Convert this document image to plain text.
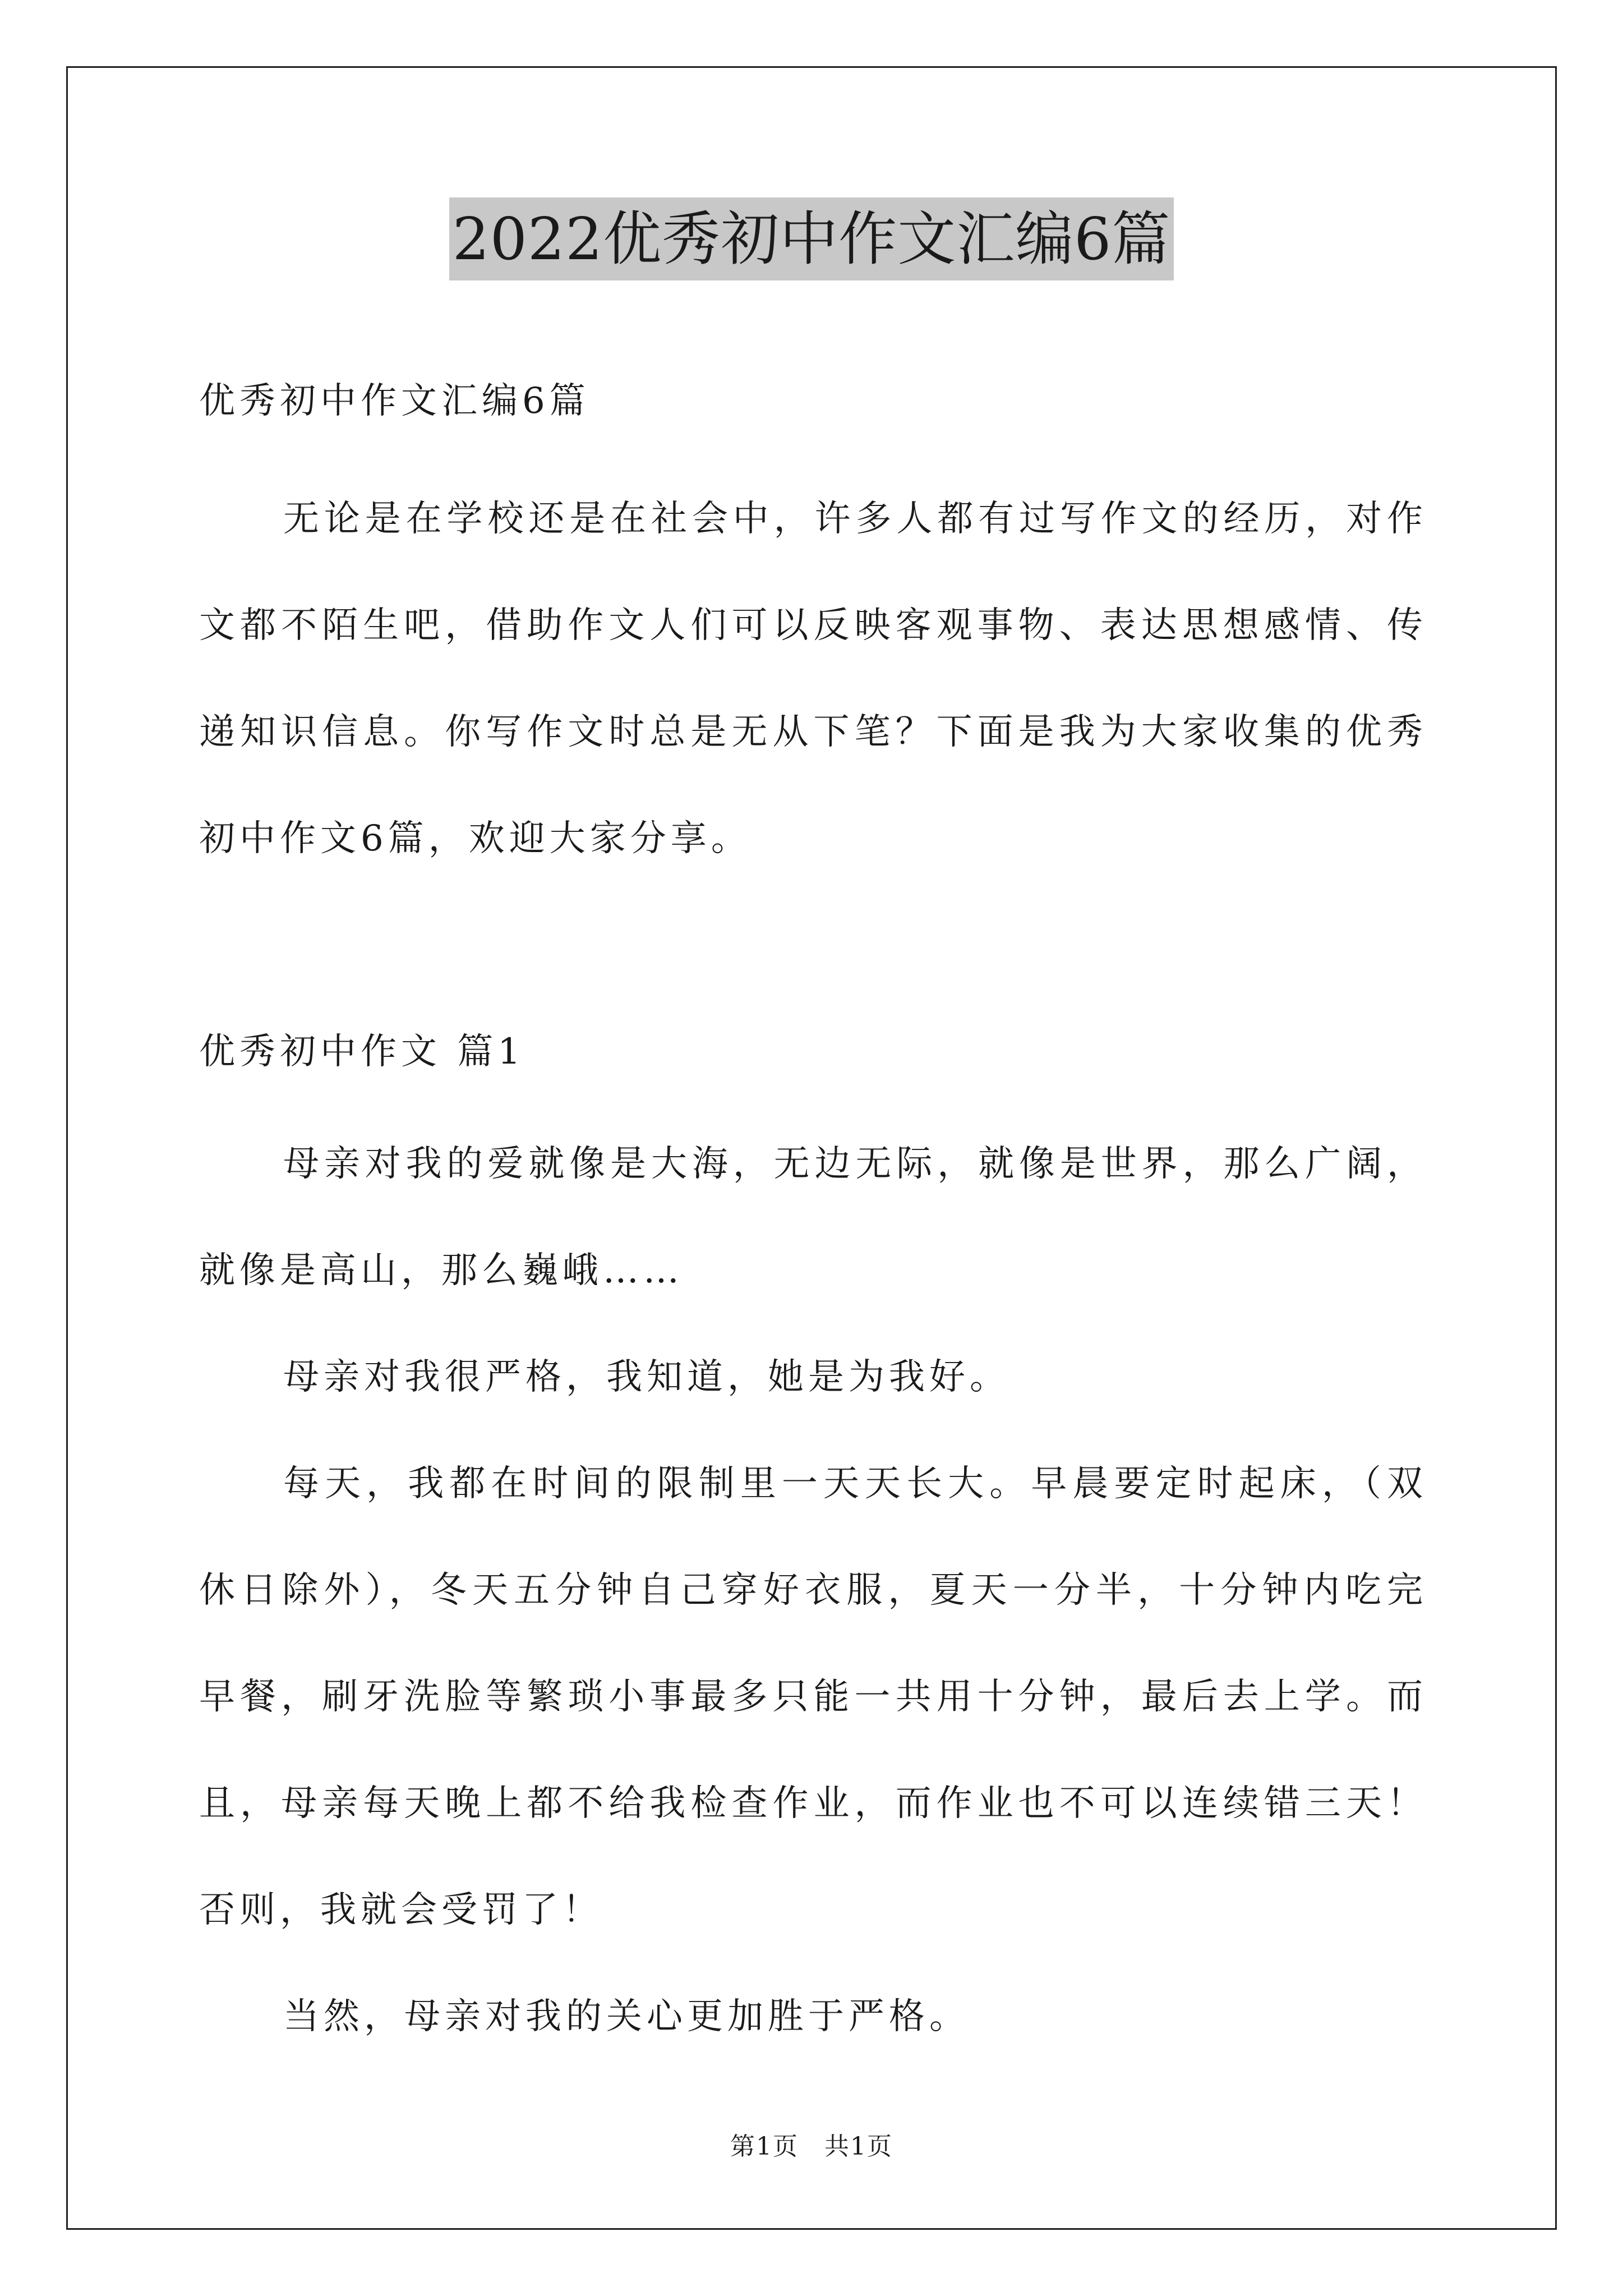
2022优秀初中作文汇编6篇

优秀初中作文汇编6篇

无论是在学校还是在社会中，许多人都有过写作文的经历，对作文都不陌生吧，借助作文人们可以反映客观事物、表达思想感情、传递知识信息。你写作文时总是无从下笔？下面是我为大家收集的优秀初中作文6篇，欢迎大家分享。

优秀初中作文 篇1

母亲对我的爱就像是大海，无边无际，就像是世界，那么广阔，就像是高山，那么巍峨……

母亲对我很严格，我知道，她是为我好。

每天，我都在时间的限制里一天天长大。早晨要定时起床，（双休日除外），冬天五分钟自己穿好衣服，夏天一分半，十分钟内吃完早餐，刷牙洗脸等繁琐小事最多只能一共用十分钟，最后去上学。而且，母亲每天晚上都不给我检查作业，而作业也不可以连续错三天！否则，我就会受罚了！

当然，母亲对我的关心更加胜于严格。

第1页　共1页
